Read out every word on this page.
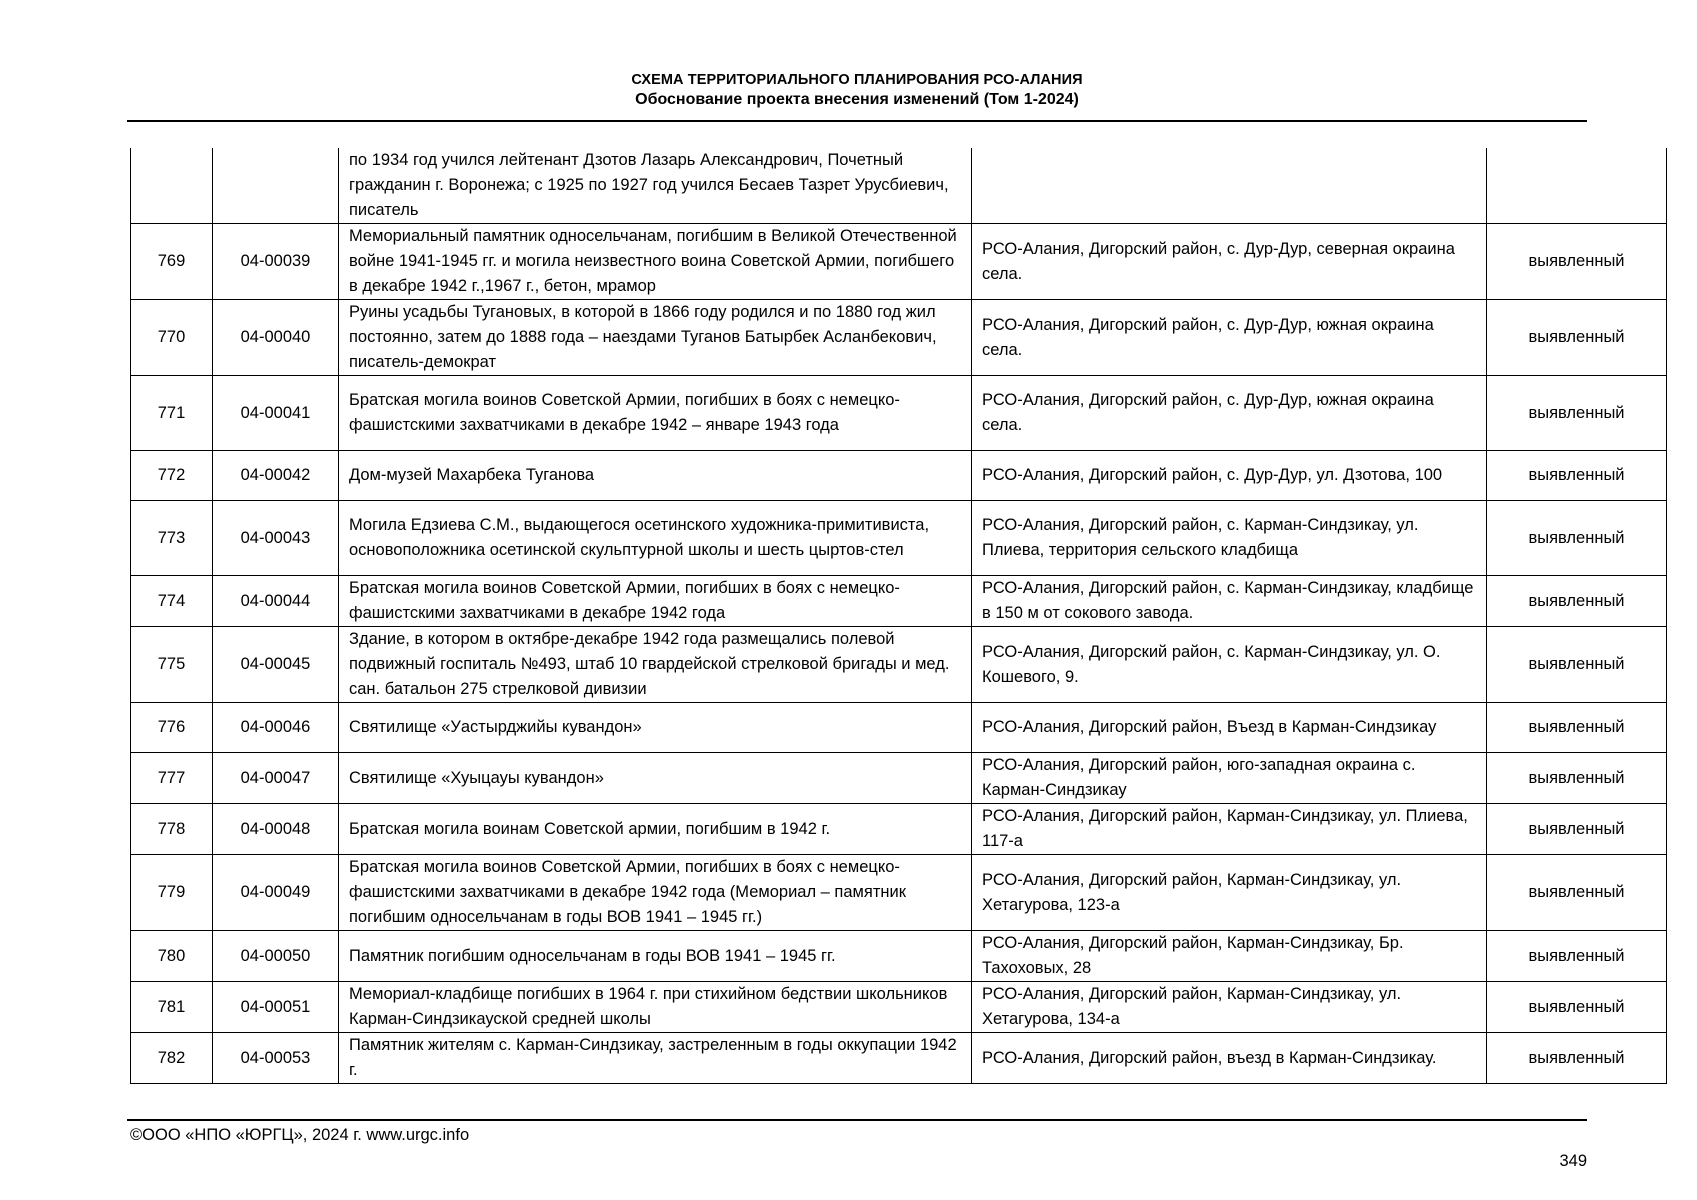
СХЕМА ТЕРРИТОРИАЛЬНОГО ПЛАНИРОВАНИЯ РСО-АЛАНИЯ
Обоснование проекта внесения изменений (Том 1-2024)
		по 1934 год учился лейтенант Дзотов Лазарь Александрович, Почетный гражданин г. Воронежа; с 1925 по 1927 год учился Бесаев Тазрет Урусбиевич, писатель		
769	04-00039	Мемориальный памятник односельчанам, погибшим в Великой Отечественной войне 1941-1945 гг. и могила неизвестного воина Советской Армии, погибшего в декабре 1942 г.,1967 г., бетон, мрамор	РСО-Алания, Дигорский район, с. Дур-Дур, северная окраина села.	выявленный
770	04-00040	Руины усадьбы Тугановых, в которой в 1866 году родился и по 1880 год жил постоянно, затем до 1888 года – наездами Туганов Батырбек Асланбекович, писатель-демократ	РСО-Алания, Дигорский район, с. Дур-Дур, южная окраина села.	выявленный
771	04-00041	Братская могила воинов Советской Армии, погибших в боях с немецко-фашистскими захватчиками в декабре 1942 – январе 1943 года	РСО-Алания, Дигорский район, с. Дур-Дур, южная окраина села.	выявленный
772	04-00042	Дом-музей Махарбека Туганова	РСО-Алания, Дигорский район, с. Дур-Дур, ул. Дзотова, 100	выявленный
773	04-00043	Могила Едзиева С.М., выдающегося осетинского художника-примитивиста, основоположника осетинской скульптурной школы и шесть цыртов-стел	РСО-Алания, Дигорский район, с. Карман-Синдзикау, ул. Плиева, территория сельского кладбища	выявленный
774	04-00044	Братская могила воинов Советской Армии, погибших в боях с немецко-фашистскими захватчиками в декабре 1942 года	РСО-Алания, Дигорский район, с. Карман-Синдзикау, кладбище в 150 м от сокового завода.	выявленный
775	04-00045	Здание, в котором в октябре-декабре 1942 года размещались полевой подвижный госпиталь №493, штаб 10 гвардейской стрелковой бригады и мед. сан. батальон 275 стрелковой дивизии	РСО-Алания, Дигорский район, с. Карман-Синдзикау, ул. О. Кошевого, 9.	выявленный
776	04-00046	Святилище «Уастырджийы кувандон»	РСО-Алания, Дигорский район, Въезд в Карман-Синдзикау	выявленный
777	04-00047	Святилище «Хуыцауы кувандон»	РСО-Алания, Дигорский район, юго-западная окраина с. Карман-Синдзикау	выявленный
778	04-00048	Братская могила воинам Советской армии, погибшим в 1942 г.	РСО-Алания, Дигорский район, Карман-Синдзикау, ул. Плиева, 117-а	выявленный
779	04-00049	Братская могила воинов Советской Армии, погибших в боях с немецко-фашистскими захватчиками в декабре 1942 года (Мемориал – памятник погибшим односельчанам в годы ВОВ 1941 – 1945 гг.)	РСО-Алания, Дигорский район, Карман-Синдзикау, ул. Хетагурова, 123-а	выявленный
780	04-00050	Памятник погибшим односельчанам в годы ВОВ 1941 – 1945 гг.	РСО-Алания, Дигорский район, Карман-Синдзикау, Бр. Тахоховых, 28	выявленный
781	04-00051	Мемориал-кладбище погибших в 1964 г. при стихийном бедствии школьников Карман-Синдзикауской средней школы	РСО-Алания, Дигорский район, Карман-Синдзикау, ул. Хетагурова, 134-а	выявленный
782	04-00053	Памятник жителям с. Карман-Синдзикау, застреленным в годы оккупации 1942 г.	РСО-Алания, Дигорский район, въезд в Карман-Синдзикау.	выявленный
©ООО «НПО «ЮРГЦ», 2024 г. www.urgc.info
349
